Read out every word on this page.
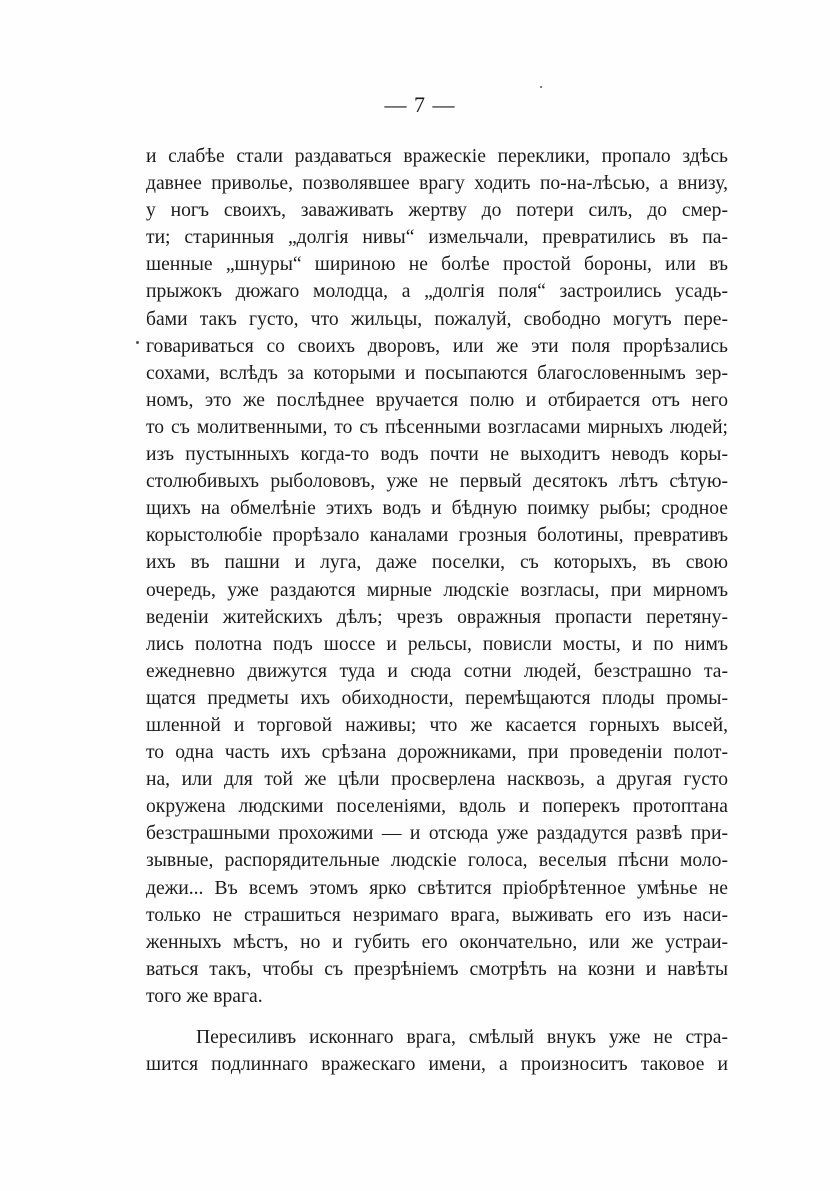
— 7 —
и слабѣе стали раздаваться вражескіе переклики, пропало здѣсь
давнее приволье, позволявшее врагу ходить по-на-лѣсью, а внизу,
у ногъ своихъ, заваживать жертву до потери силъ, до смер-
ти; старинныя „долгія нивы“ измельчали, превратились въ па-
шенные „шнуры“ шириною не болѣе простой бороны, или въ
прыжокъ дюжаго молодца, а „долгія поля“ застроились усадь-
бами такъ густо, что жильцы, пожалуй, свободно могутъ пере-
говариваться со своихъ дворовъ, или же эти поля прорѣзались
сохами, вслѣдъ за которыми и посыпаются благословеннымъ зер-
номъ, это же послѣднее вручается полю и отбирается отъ него
то съ молитвенными, то съ пѣсенными возгласами мирныхъ людей;
изъ пустынныхъ когда-то водъ почти не выходитъ неводъ коры-
столюбивыхъ рыболововъ, уже не первый десятокъ лѣтъ сѣтую-
щихъ на обмелѣніе этихъ водъ и бѣдную поимку рыбы; сродное
корыстолюбіе прорѣзало каналами грозныя болотины, превративъ
ихъ въ пашни и луга, даже поселки, съ которыхъ, въ свою
очередь, уже раздаются мирные людскіе возгласы, при мирномъ
веденіи житейскихъ дѣлъ; чрезъ овражныя пропасти перетяну-
лись полотна подъ шоссе и рельсы, повисли мосты, и по нимъ
ежедневно движутся туда и сюда сотни людей, безстрашно та-
щатся предметы ихъ обиходности, перемѣщаются плоды промы-
шленной и торговой наживы; что же касается горныхъ высей,
то одна часть ихъ срѣзана дорожниками, при проведеніи полот-
на, или для той же цѣли просверлена насквозь, а другая густо
окружена людскими поселеніями, вдоль и поперекъ протоптана
безстрашными прохожими — и отсюда уже раздадутся развѣ при-
зывные, распорядительные людскіе голоса, веселыя пѣсни моло-
дежи... Въ всемъ этомъ ярко свѣтится пріобрѣтенное умѣнье не
только не страшиться незримаго врага, выживать его изъ наси-
женныхъ мѣстъ, но и губить его окончательно, или же устраи-
ваться такъ, чтобы съ презрѣніемъ смотрѣть на козни и навѣты
того же врага.
Пересиливъ исконнаго врага, смѣлый внукъ уже не стра-
шится подлиннаго вражескаго имени, а произноситъ таковое и
